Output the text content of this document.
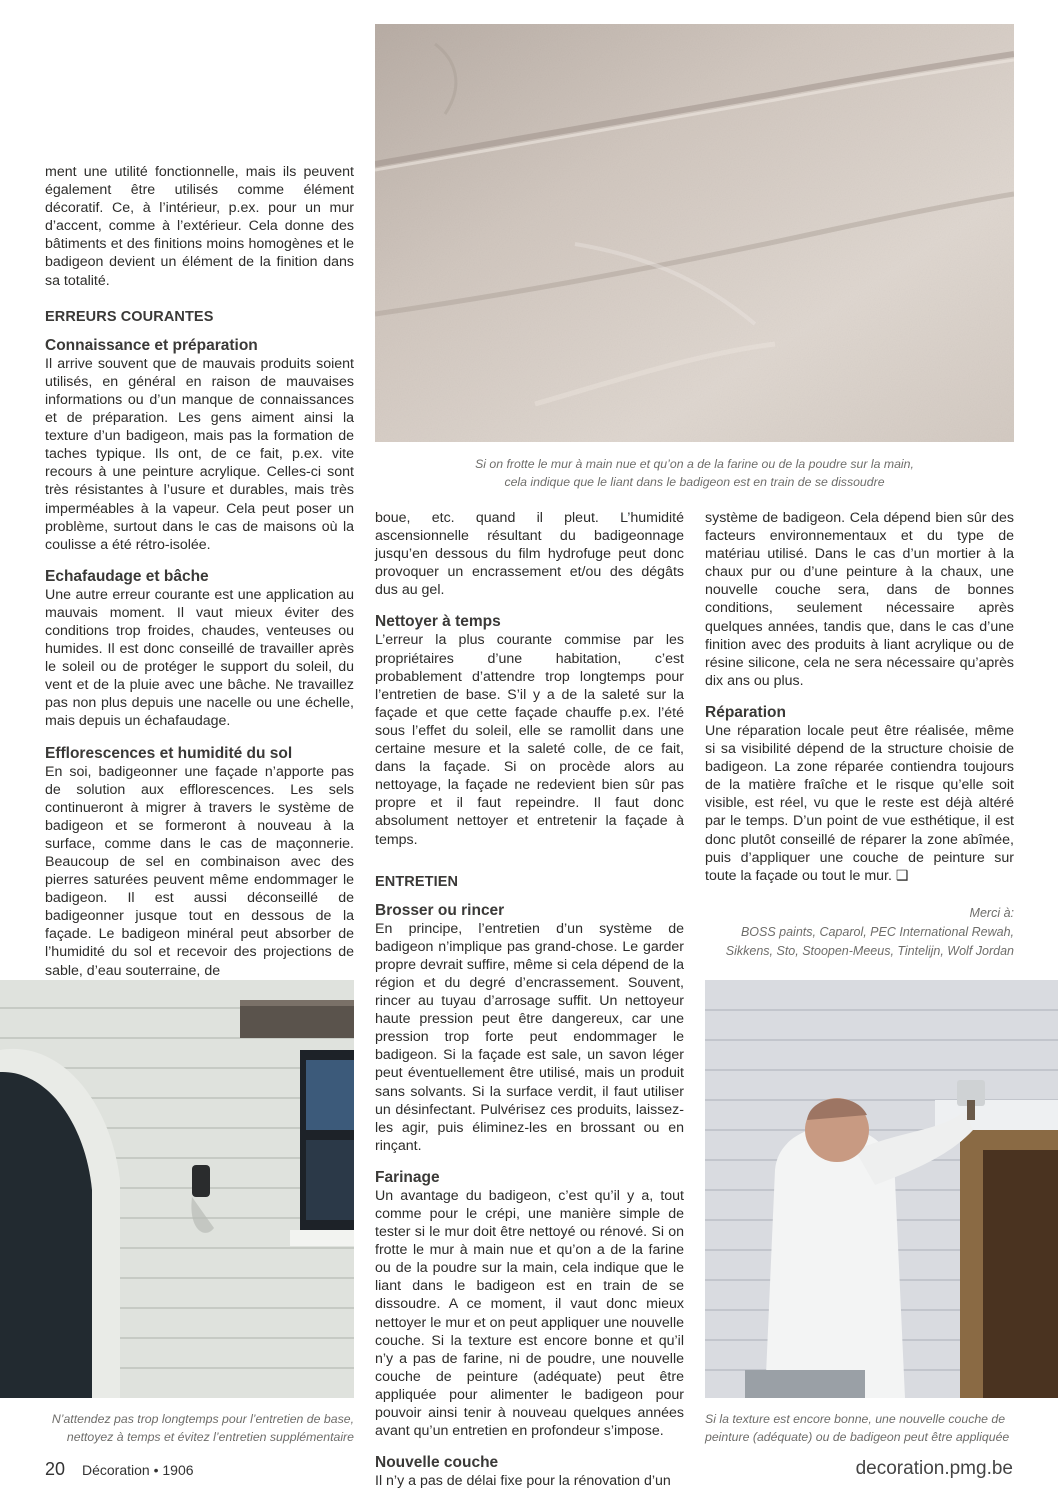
Si on frotte le mur à main nue et qu’on a de la farine ou de la poudre sur la main,
cela indique que le liant dans le badigeon est en train de se dissoudre

ment une utilité fonctionnelle, mais ils peuvent également être utilisés comme élément décoratif. Ce, à l’intérieur, p.ex. pour un mur d’accent, comme à l’extérieur. Cela donne des bâtiments et des finitions moins homogènes et le badigeon devient un élément de la finition dans sa totalité.

ERREURS COURANTES
Connaissance et préparation

Il arrive souvent que de mauvais produits soient utilisés, en général en raison de mauvaises informations ou d’un manque de connaissances et de préparation. Les gens aiment ainsi la texture d’un badigeon, mais pas la formation de taches typique. Ils ont, de ce fait, p.ex. vite recours à une peinture acrylique. Celles-ci sont très résistantes à l’usure et durables, mais très imperméables à la vapeur. Cela peut poser un problème, surtout dans le cas de maisons où la coulisse a été rétro-isolée.

Echafaudage et bâche

Une autre erreur courante est une application au mauvais moment. Il vaut mieux éviter des conditions trop froides, chaudes, venteuses ou humides. Il est donc conseillé de travailler après le soleil ou de protéger le support du soleil, du vent et de la pluie avec une bâche. Ne travaillez pas non plus depuis une nacelle ou une échelle, mais depuis un échafaudage.

Efflorescences et humidité du sol

En soi, badigeonner une façade n’apporte pas de solution aux efflorescences. Les sels continueront à migrer à travers le système de badigeon et se formeront à nouveau à la surface, comme dans le cas de maçonnerie. Beaucoup de sel en combinaison avec des pierres saturées peuvent même endommager le badigeon. Il est aussi déconseillé de badigeonner jusque tout en dessous de la façade. Le badigeon minéral peut absorber de l’humidité du sol et recevoir des projections de sable, d’eau souterraine, de

N’attendez pas trop longtemps pour l’entretien de base,
nettoyez à temps et évitez l’entretien supplémentaire

boue, etc. quand il pleut. L’humidité ascensionnelle résultant du badigeonnage jusqu’en dessous du film hydrofuge peut donc provoquer un encrassement et/ou des dégâts dus au gel.

Nettoyer à temps

L’erreur la plus courante commise par les propriétaires d’une habitation, c’est probablement d’attendre trop longtemps pour l’entretien de base. S’il y a de la saleté sur la façade et que cette façade chauffe p.ex. l’été sous l’effet du soleil, elle se ramollit dans une certaine mesure et la saleté colle, de ce fait, dans la façade. Si on procède alors au nettoyage, la façade ne redevient bien sûr pas propre et il faut repeindre. Il faut donc absolument nettoyer et entretenir la façade à temps.

ENTRETIEN
Brosser ou rincer

En principe, l’entretien d’un système de badigeon n’implique pas grand-chose. Le garder propre devrait suffire, même si cela dépend de la région et du degré d’encrassement. Souvent, rincer au tuyau d’arrosage suffit. Un nettoyeur haute pression peut être dangereux, car une pression trop forte peut endommager le badigeon. Si la façade est sale, un savon léger peut éventuellement être utilisé, mais un produit sans solvants. Si la surface verdit, il faut utiliser un désinfectant. Pulvérisez ces produits, laissez-les agir, puis éliminez-les en brossant ou en rinçant.

Farinage

Un avantage du badigeon, c’est qu’il y a, tout comme pour le crépi, une manière simple de tester si le mur doit être nettoyé ou rénové. Si on frotte le mur à main nue et qu’on a de la farine ou de la poudre sur la main, cela indique que le liant dans le badigeon est en train de se dissoudre. A ce moment, il vaut donc mieux nettoyer le mur et on peut appliquer une nouvelle couche. Si la texture est encore bonne et qu’il n’y a pas de farine, ni de poudre, une nouvelle couche de peinture (adéquate) peut être appliquée pour alimenter le badigeon pour pouvoir ainsi tenir à nouveau quelques années avant qu’un entretien en profondeur s’impose.

Nouvelle couche

Il n’y a pas de délai fixe pour la rénovation d’un

système de badigeon. Cela dépend bien sûr des facteurs environnementaux et du type de matériau utilisé. Dans le cas d’un mortier à la chaux pur ou d’une peinture à la chaux, une nouvelle couche sera, dans de bonnes conditions, seulement nécessaire après quelques années, tandis que, dans le cas d’une finition avec des produits à liant acrylique ou de résine silicone, cela ne sera nécessaire qu’après dix ans ou plus.

Réparation

Une réparation locale peut être réalisée, même si sa visibilité dépend de la structure choisie de badigeon. La zone réparée contiendra toujours de la matière fraîche et le risque qu’elle soit visible, est réel, vu que le reste est déjà altéré par le temps. D’un point de vue esthétique, il est donc plutôt conseillé de réparer la zone abîmée, puis d’appliquer une couche de peinture sur toute la façade ou tout le mur. ❑

Merci à:
BOSS paints, Caparol, PEC International Rewah,
Sikkens, Sto, Stoopen-Meeus, Tintelijn, Wolf Jordan
Si la texture est encore bonne, une nouvelle couche de
peinture (adéquate) ou de badigeon peut être appliquée
20 Décoration • 1906	decoration.pmg.be
